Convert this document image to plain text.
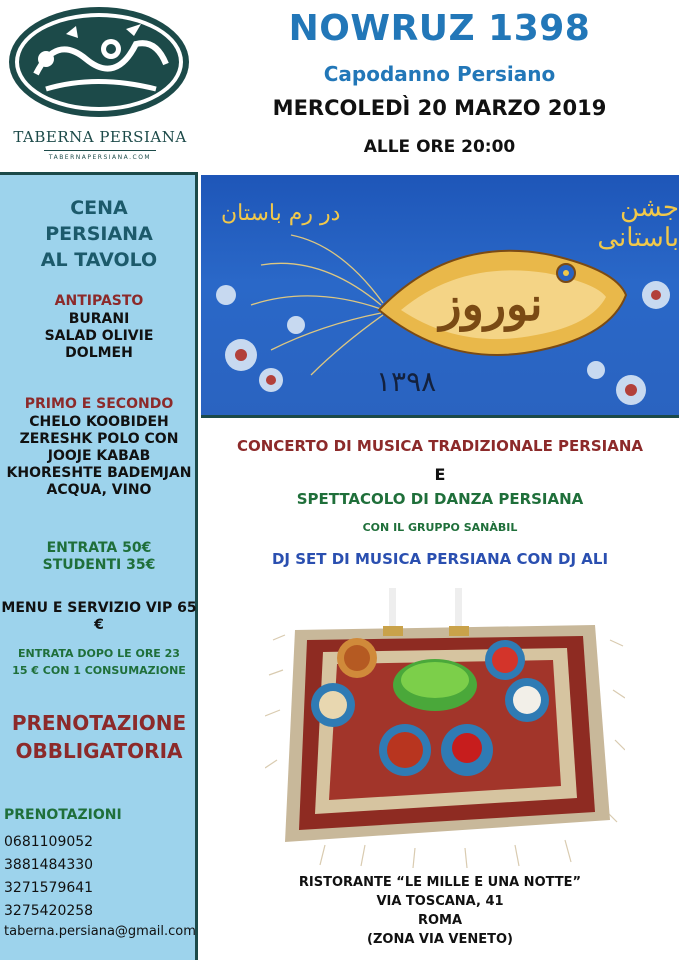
TABERNA PERSIANA
TABERNAPERSIANA.COM
NOWRUZ 1398
Capodanno Persiano
MERCOLEDÌ 20 MARZO 2019
ALLE ORE 20:00
CENA
PERSIANA
AL TAVOLO
ANTIPASTO
BURANI
SALAD OLIVIE
DOLMEH
PRIMO E SECONDO
CHELO KOOBIDEH
ZERESHK POLO CON
JOOJE KABAB
KHORESHTE BADEMJAN
ACQUA, VINO
ENTRATA 50€
STUDENTI 35€
MENU E SERVIZIO VIP 65 €
ENTRATA DOPO LE ORE 23
15 € CON 1 CONSUMAZIONE
PRENOTAZIONE
OBBLIGATORIA
PRENOTAZIONI
0681109052
3881484330
3271579641
3275420258
taberna.persiana@gmail.com
نوروز
جشن باستانی
در رم باستان
۱۳۹۸
CONCERTO DI MUSICA TRADIZIONALE PERSIANA
E
SPETTACOLO DI DANZA PERSIANA
CON IL GRUPPO SANÀBIL
DJ SET DI MUSICA PERSIANA CON DJ ALI
RISTORANTE “LE MILLE E UNA NOTTE”
VIA TOSCANA, 41
ROMA
(ZONA VIA VENETO)
